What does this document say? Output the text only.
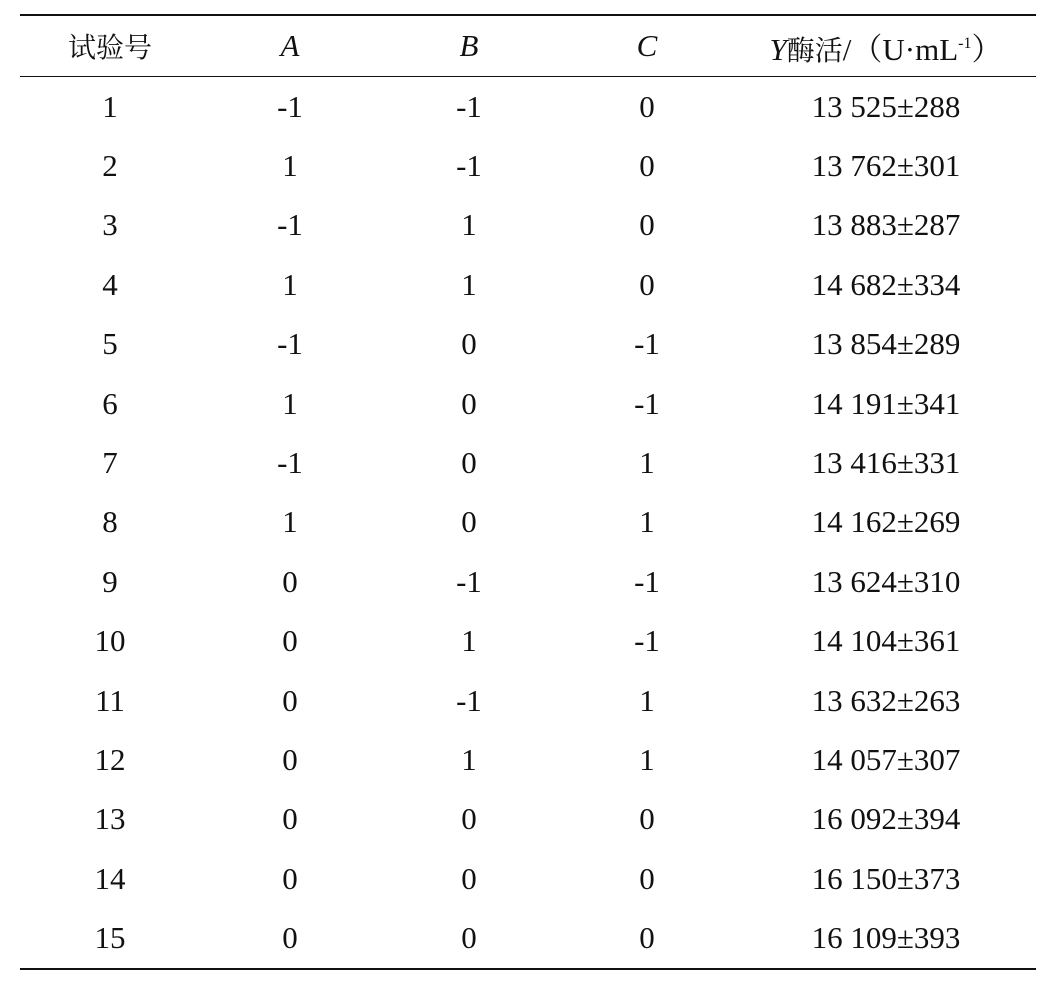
试验号	A	B	C	Y酶活$/(U\cdot mL^{-1})$
1	-1	-1	0	13 525±288
2	1	-1	0	13 762±301
3	-1	1	0	13 883±287
4	1	1	0	14 682±334
5	-1	0	-1	13 854±289
6	1	0	-1	14 191±341
7	-1	0	1	13 416±331
8	1	0	1	14 162±269
9	0	-1	-1	13 624±310
10	0	1	-1	14 104±361
11	0	-1	1	13 632±263
12	0	1	1	14 057±307
13	0	0	0	16 092±394
14	0	0	0	16 150±373
15	0	0	0	16 109±393
